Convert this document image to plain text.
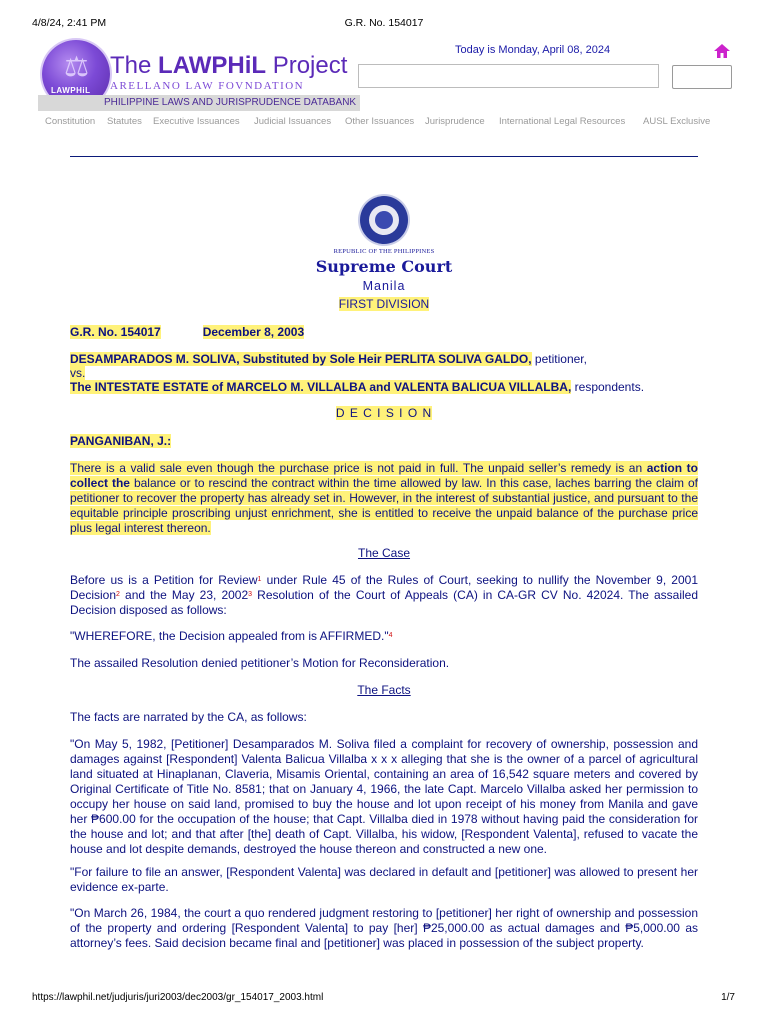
4/8/24, 2:41 PM	G.R. No. 154017
⚖
LAWPHiL
The LAWPHiL Project
ARELLANO LAW FOVNDATION
PHILIPPINE LAWS AND JURISPRUDENCE DATABANK
Today is Monday, April 08, 2024
Constitution Statutes Executive Issuances Judicial Issuances Other Issuances Jurisprudence International Legal Resources AUSL Exclusive
REPUBLIC OF THE PHILIPPINES
Supreme Court
Manila
FIRST DIVISION
G.R. No. 154017	December 8, 2003
DESAMPARADOS M. SOLIVA, Substituted by Sole Heir PERLITA SOLIVA GALDO, petitioner,
vs.
The INTESTATE ESTATE of MARCELO M. VILLALBA and VALENTA BALICUA VILLALBA, respondents.
D E C I S I O N
PANGANIBAN, J.:
There is a valid sale even though the purchase price is not paid in full. The unpaid seller’s remedy is an action to collect the balance or to rescind the contract within the time allowed by law. In this case, laches barring the claim of petitioner to recover the property has already set in. However, in the interest of substantial justice, and pursuant to the equitable principle proscribing unjust enrichment, she is entitled to receive the unpaid balance of the purchase price plus legal interest thereon.
The Case
Before us is a Petition for Review$^1$ under Rule 45 of the Rules of Court, seeking to nullify the November 9, 2001 Decision$^2$ and the May 23, 2002$^3$ Resolution of the Court of Appeals (CA) in CA-GR CV No. 42024. The assailed Decision disposed as follows:
"WHEREFORE, the Decision appealed from is AFFIRMED."$^4$
The assailed Resolution denied petitioner’s Motion for Reconsideration.
The Facts
The facts are narrated by the CA, as follows:
"On May 5, 1982, [Petitioner] Desamparados M. Soliva filed a complaint for recovery of ownership, possession and damages against [Respondent] Valenta Balicua Villalba x x x alleging that she is the owner of a parcel of agricultural land situated at Hinaplanan, Claveria, Misamis Oriental, containing an area of 16,542 square meters and covered by Original Certificate of Title No. 8581; that on January 4, 1966, the late Capt. Marcelo Villalba asked her permission to occupy her house on said land, promised to buy the house and lot upon receipt of his money from Manila and gave her ₱600.00 for the occupation of the house; that Capt. Villalba died in 1978 without having paid the consideration for the house and lot; and that after [the] death of Capt. Villalba, his widow, [Respondent Valenta], refused to vacate the house and lot despite demands, destroyed the house thereon and constructed a new one.
"For failure to file an answer, [Respondent Valenta] was declared in default and [petitioner] was allowed to present her evidence ex-parte.
"On March 26, 1984, the court a quo rendered judgment restoring to [petitioner] her right of ownership and possession of the property and ordering [Respondent Valenta] to pay [her] ₱25,000.00 as actual damages and ₱5,000.00 as attorney’s fees. Said decision became final and [petitioner] was placed in possession of the subject property.
https://lawphil.net/judjuris/juri2003/dec2003/gr_154017_2003.html	1/7
